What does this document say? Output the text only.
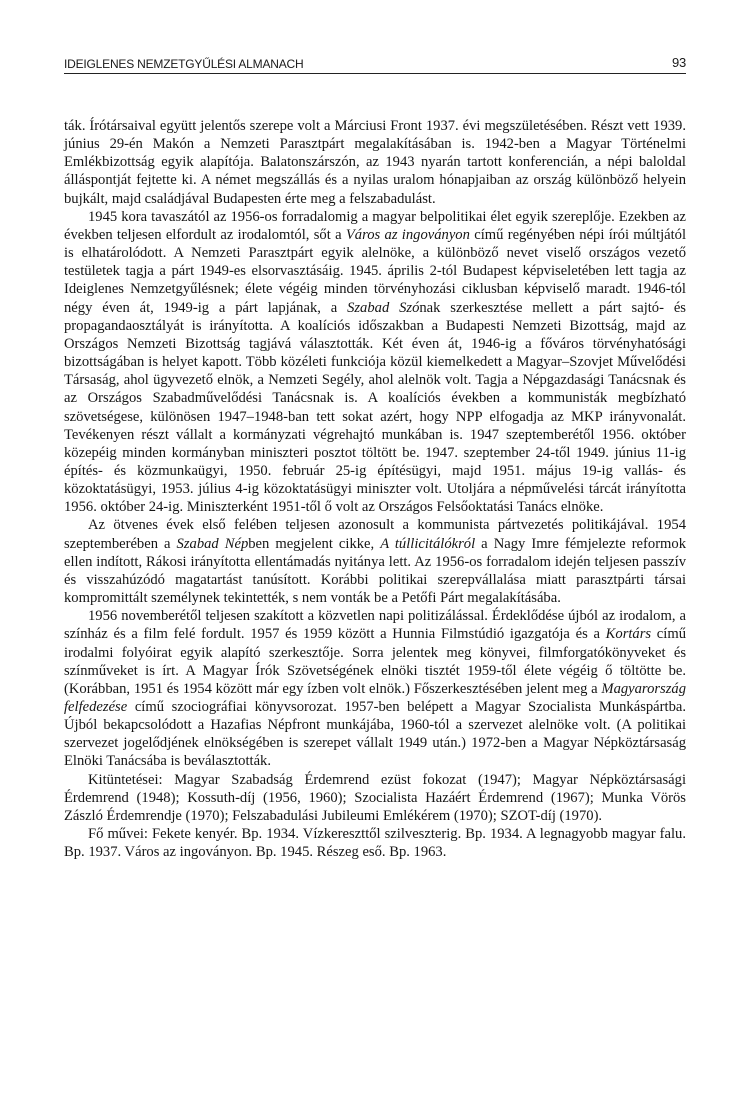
IDEIGLENES NEMZETGYŰLÉSI ALMANACH	93

ták. Írótársaival együtt jelentős szerepe volt a Márciusi Front 1937. évi megszületésében. Részt vett 1939. június 29-én Makón a Nemzeti Parasztpárt megalakításában is. 1942-ben a Magyar Történelmi Emlékbizottság egyik alapítója. Balatonszárszón, az 1943 nyarán tartott konferencián, a népi baloldal álláspontját fejtette ki. A német megszállás és a nyilas uralom hónapjaiban az ország különböző helyein bujkált, majd családjával Budapesten érte meg a felszabadulást.

1945 kora tavaszától az 1956-os forradalomig a magyar belpolitikai élet egyik szereplője. Ezekben az években teljesen elfordult az irodalomtól, sőt a Város az ingoványon című regényében népi írói múltjától is elhatárolódott. A Nemzeti Parasztpárt egyik alelnöke, a különböző nevet viselő országos vezető testületek tagja a párt 1949-es elsorvasztásáig. 1945. április 2-tól Budapest képviseletében lett tagja az Ideiglenes Nemzetgyűlésnek; élete végéig minden törvényhozási ciklusban képviselő maradt. 1946-tól négy éven át, 1949-ig a párt lapjának, a Szabad Szónak szerkesztése mellett a párt sajtó- és propagandaosztályát is irányította. A koalíciós időszakban a Budapesti Nemzeti Bizottság, majd az Országos Nemzeti Bizottság tagjává választották. Két éven át, 1946-ig a főváros törvényhatósági bizottságában is helyet kapott. Több közéleti funkciója közül kiemelkedett a Magyar–Szovjet Művelődési Társaság, ahol ügyvezető elnök, a Nemzeti Segély, ahol alelnök volt. Tagja a Népgazdasági Tanácsnak és az Országos Szabadművelődési Tanácsnak is. A koalíciós években a kommunisták megbízható szövetségese, különösen 1947–1948-ban tett sokat azért, hogy NPP elfogadja az MKP irányvonalát. Tevékenyen részt vállalt a kormányzati végrehajtó munkában is. 1947 szeptemberétől 1956. október közepéig minden kormányban miniszteri posztot töltött be. 1947. szeptember 24-től 1949. június 11-ig építés- és közmunkaügyi, 1950. február 25-ig építésügyi, majd 1951. május 19-ig vallás- és közoktatásügyi, 1953. július 4-ig közoktatásügyi miniszter volt. Utoljára a népművelési tárcát irányította 1956. október 24-ig. Miniszterként 1951-től ő volt az Országos Felsőoktatási Tanács elnöke.

Az ötvenes évek első felében teljesen azonosult a kommunista pártvezetés politikájával. 1954 szeptemberében a Szabad Népben megjelent cikke, A túllicitálókról a Nagy Imre fémjelezte reformok ellen indított, Rákosi irányította ellentámadás nyitánya lett. Az 1956-os forradalom idején teljesen passzív és visszahúzódó magatartást tanúsított. Korábbi politikai szerepvállalása miatt parasztpárti társai kompromittált személynek tekintették, s nem vonták be a Petőfi Párt megalakításába.

1956 novemberétől teljesen szakított a közvetlen napi politizálással. Érdeklődése újból az irodalom, a színház és a film felé fordult. 1957 és 1959 között a Hunnia Filmstúdió igazgatója és a Kortárs című irodalmi folyóirat egyik alapító szerkesztője. Sorra jelentek meg könyvei, filmforgatókönyveket és színműveket is írt. A Magyar Írók Szövetségének elnöki tisztét 1959-től élete végéig ő töltötte be. (Korábban, 1951 és 1954 között már egy ízben volt elnök.) Főszerkesztésében jelent meg a Magyarország felfedezése című szociográfiai könyvsorozat. 1957-ben belépett a Magyar Szocialista Munkáspártba. Újból bekapcsolódott a Hazafias Népfront munkájába, 1960-tól a szervezet alelnöke volt. (A politikai szervezet jogelődjének elnökségében is szerepet vállalt 1949 után.) 1972-ben a Magyar Népköztársaság Elnöki Tanácsába is beválasztották.

Kitüntetései: Magyar Szabadság Érdemrend ezüst fokozat (1947); Magyar Népköztársasági Érdemrend (1948); Kossuth-díj (1956, 1960); Szocialista Hazáért Érdemrend (1967); Munka Vörös Zászló Érdemrendje (1970); Felszabadulási Jubileumi Emlékérem (1970); SZOT-díj (1970).

Fő művei: Fekete kenyér. Bp. 1934. Vízkereszttől szilveszterig. Bp. 1934. A legnagyobb magyar falu. Bp. 1937. Város az ingoványon. Bp. 1945. Részeg eső. Bp. 1963.
